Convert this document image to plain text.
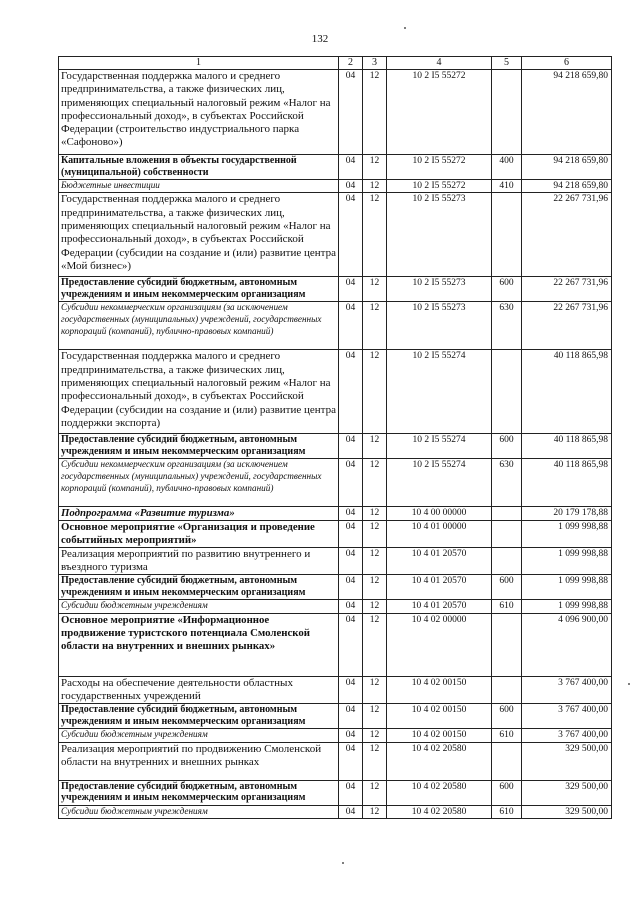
132
1	2	3	4	5	6
Государственная поддержка малого и среднего предпринимательства, а также физических лиц, применяющих специальный налоговый режим «Налог на профессиональный доход», в субъектах Российской Федерации (строительство индустриального парка «Сафоново»)	04	12	10 2 I5 55272		94 218 659,80
Капитальные вложения в объекты государственной (муниципальной) собственности	04	12	10 2 I5 55272	400	94 218 659,80
Бюджетные инвестиции	04	12	10 2 I5 55272	410	94 218 659,80
Государственная поддержка малого и среднего предпринимательства, а также физических лиц, применяющих специальный налоговый режим «Налог на профессиональный доход», в субъектах Российской Федерации (субсидии на создание и (или) развитие центра «Мой бизнес»)	04	12	10 2 I5 55273		22 267 731,96
Предоставление субсидий бюджетным, автономным учреждениям и иным некоммерческим организациям	04	12	10 2 I5 55273	600	22 267 731,96
Субсидии некоммерческим организациям (за исключением государственных (муниципальных) учреждений, государственных корпораций (компаний), публично-правовых компаний)	04	12	10 2 I5 55273	630	22 267 731,96
Государственная поддержка малого и среднего предпринимательства, а также физических лиц, применяющих специальный налоговый режим «Налог на профессиональный доход», в субъектах Российской Федерации (субсидии на создание и (или) развитие центра поддержки экспорта)	04	12	10 2 I5 55274		40 118 865,98
Предоставление субсидий бюджетным, автономным учреждениям и иным некоммерческим организациям	04	12	10 2 I5 55274	600	40 118 865,98
Субсидии некоммерческим организациям (за исключением государственных (муниципальных) учреждений, государственных корпораций (компаний), публично-правовых компаний)	04	12	10 2 I5 55274	630	40 118 865,98
Подпрограмма «Развитие туризма»	04	12	10 4 00 00000		20 179 178,88
Основное мероприятие «Организация и проведение событийных мероприятий»	04	12	10 4 01 00000		1 099 998,88
Реализация мероприятий по развитию внутреннего и въездного туризма	04	12	10 4 01 20570		1 099 998,88
Предоставление субсидий бюджетным, автономным учреждениям и иным некоммерческим организациям	04	12	10 4 01 20570	600	1 099 998,88
Субсидии бюджетным учреждениям	04	12	10 4 01 20570	610	1 099 998,88
Основное мероприятие «Информационное продвижение туристского потенциала Смоленской области на внутренних и внешних рынках»	04	12	10 4 02 00000		4 096 900,00
Расходы на обеспечение деятельности областных государственных учреждений	04	12	10 4 02 00150		3 767 400,00
Предоставление субсидий бюджетным, автономным учреждениям и иным некоммерческим организациям	04	12	10 4 02 00150	600	3 767 400,00
Субсидии бюджетным учреждениям	04	12	10 4 02 00150	610	3 767 400,00
Реализация мероприятий по продвижению Смоленской области на внутренних и внешних рынках	04	12	10 4 02 20580		329 500,00
Предоставление субсидий бюджетным, автономным учреждениям и иным некоммерческим организациям	04	12	10 4 02 20580	600	329 500,00
Субсидии бюджетным учреждениям	04	12	10 4 02 20580	610	329 500,00
